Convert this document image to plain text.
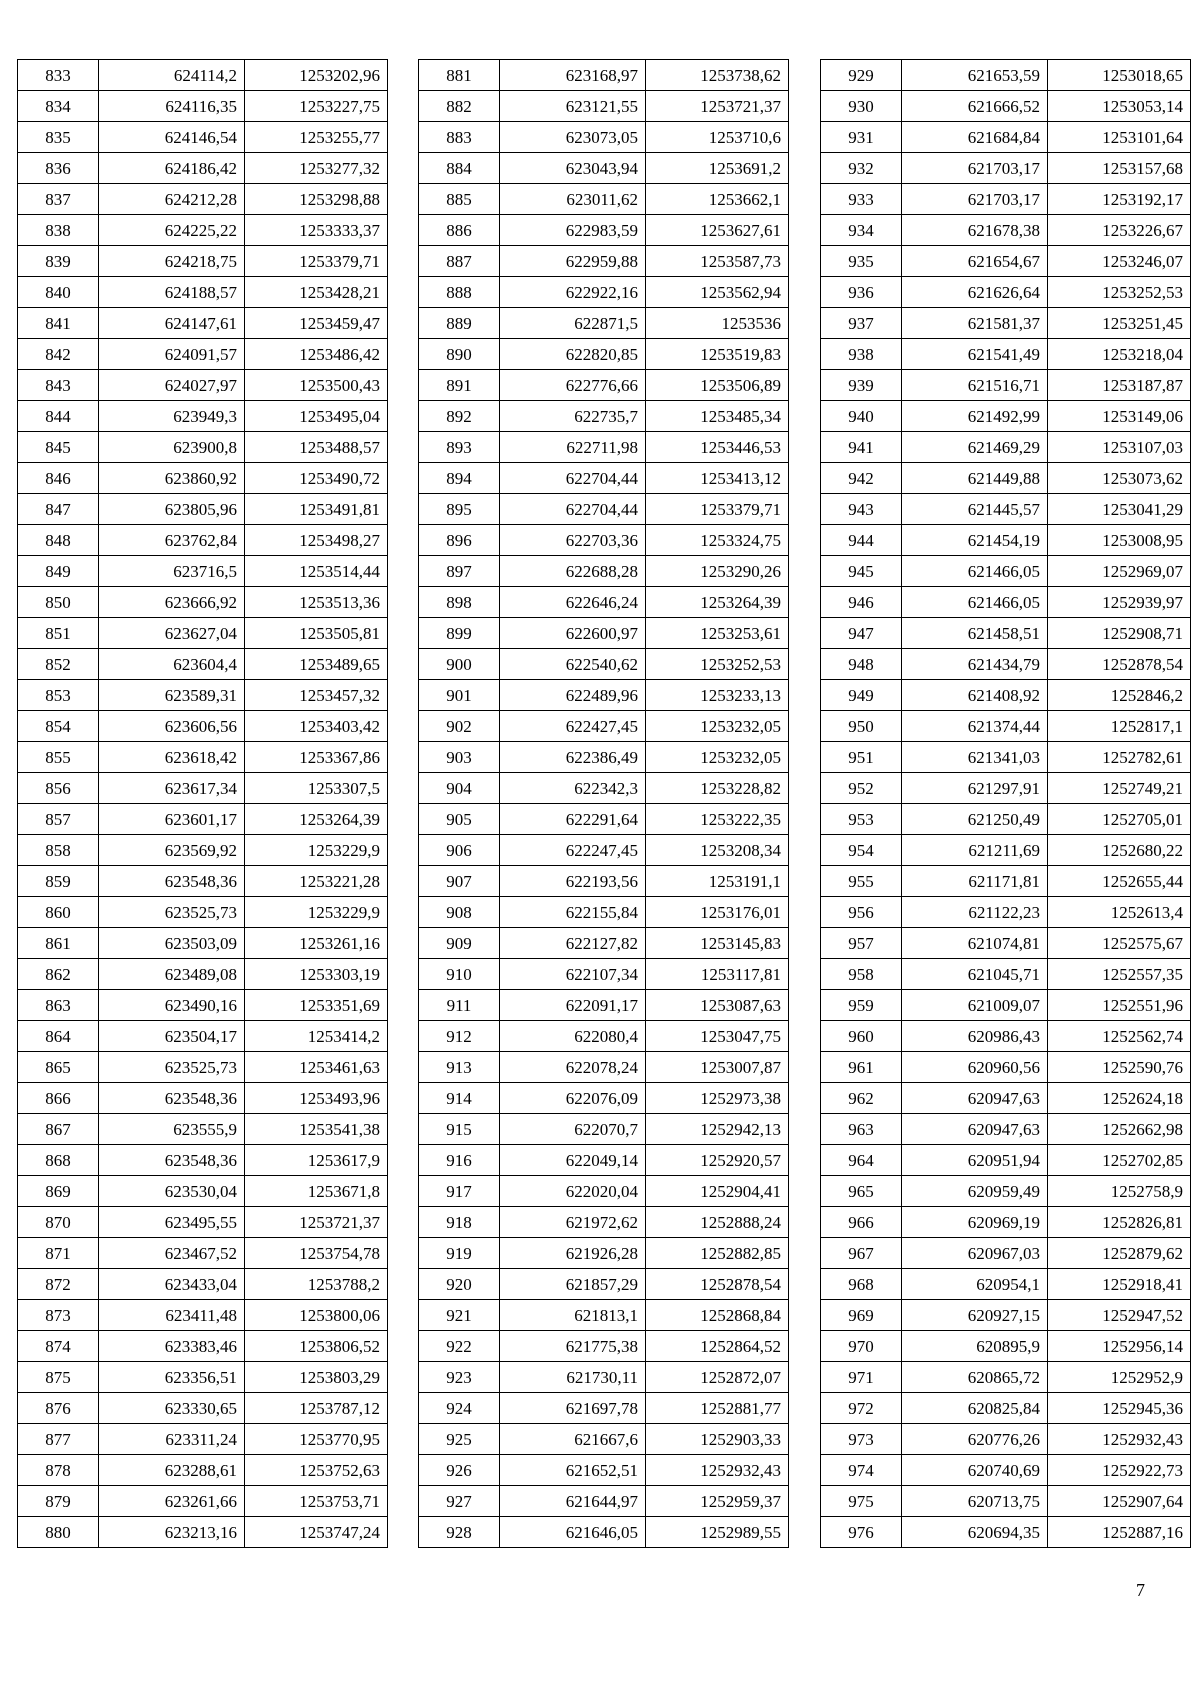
833	624114,2	1253202,96
834	624116,35	1253227,75
835	624146,54	1253255,77
836	624186,42	1253277,32
837	624212,28	1253298,88
838	624225,22	1253333,37
839	624218,75	1253379,71
840	624188,57	1253428,21
841	624147,61	1253459,47
842	624091,57	1253486,42
843	624027,97	1253500,43
844	623949,3	1253495,04
845	623900,8	1253488,57
846	623860,92	1253490,72
847	623805,96	1253491,81
848	623762,84	1253498,27
849	623716,5	1253514,44
850	623666,92	1253513,36
851	623627,04	1253505,81
852	623604,4	1253489,65
853	623589,31	1253457,32
854	623606,56	1253403,42
855	623618,42	1253367,86
856	623617,34	1253307,5
857	623601,17	1253264,39
858	623569,92	1253229,9
859	623548,36	1253221,28
860	623525,73	1253229,9
861	623503,09	1253261,16
862	623489,08	1253303,19
863	623490,16	1253351,69
864	623504,17	1253414,2
865	623525,73	1253461,63
866	623548,36	1253493,96
867	623555,9	1253541,38
868	623548,36	1253617,9
869	623530,04	1253671,8
870	623495,55	1253721,37
871	623467,52	1253754,78
872	623433,04	1253788,2
873	623411,48	1253800,06
874	623383,46	1253806,52
875	623356,51	1253803,29
876	623330,65	1253787,12
877	623311,24	1253770,95
878	623288,61	1253752,63
879	623261,66	1253753,71
880	623213,16	1253747,24
881	623168,97	1253738,62
882	623121,55	1253721,37
883	623073,05	1253710,6
884	623043,94	1253691,2
885	623011,62	1253662,1
886	622983,59	1253627,61
887	622959,88	1253587,73
888	622922,16	1253562,94
889	622871,5	1253536
890	622820,85	1253519,83
891	622776,66	1253506,89
892	622735,7	1253485,34
893	622711,98	1253446,53
894	622704,44	1253413,12
895	622704,44	1253379,71
896	622703,36	1253324,75
897	622688,28	1253290,26
898	622646,24	1253264,39
899	622600,97	1253253,61
900	622540,62	1253252,53
901	622489,96	1253233,13
902	622427,45	1253232,05
903	622386,49	1253232,05
904	622342,3	1253228,82
905	622291,64	1253222,35
906	622247,45	1253208,34
907	622193,56	1253191,1
908	622155,84	1253176,01
909	622127,82	1253145,83
910	622107,34	1253117,81
911	622091,17	1253087,63
912	622080,4	1253047,75
913	622078,24	1253007,87
914	622076,09	1252973,38
915	622070,7	1252942,13
916	622049,14	1252920,57
917	622020,04	1252904,41
918	621972,62	1252888,24
919	621926,28	1252882,85
920	621857,29	1252878,54
921	621813,1	1252868,84
922	621775,38	1252864,52
923	621730,11	1252872,07
924	621697,78	1252881,77
925	621667,6	1252903,33
926	621652,51	1252932,43
927	621644,97	1252959,37
928	621646,05	1252989,55
929	621653,59	1253018,65
930	621666,52	1253053,14
931	621684,84	1253101,64
932	621703,17	1253157,68
933	621703,17	1253192,17
934	621678,38	1253226,67
935	621654,67	1253246,07
936	621626,64	1253252,53
937	621581,37	1253251,45
938	621541,49	1253218,04
939	621516,71	1253187,87
940	621492,99	1253149,06
941	621469,29	1253107,03
942	621449,88	1253073,62
943	621445,57	1253041,29
944	621454,19	1253008,95
945	621466,05	1252969,07
946	621466,05	1252939,97
947	621458,51	1252908,71
948	621434,79	1252878,54
949	621408,92	1252846,2
950	621374,44	1252817,1
951	621341,03	1252782,61
952	621297,91	1252749,21
953	621250,49	1252705,01
954	621211,69	1252680,22
955	621171,81	1252655,44
956	621122,23	1252613,4
957	621074,81	1252575,67
958	621045,71	1252557,35
959	621009,07	1252551,96
960	620986,43	1252562,74
961	620960,56	1252590,76
962	620947,63	1252624,18
963	620947,63	1252662,98
964	620951,94	1252702,85
965	620959,49	1252758,9
966	620969,19	1252826,81
967	620967,03	1252879,62
968	620954,1	1252918,41
969	620927,15	1252947,52
970	620895,9	1252956,14
971	620865,72	1252952,9
972	620825,84	1252945,36
973	620776,26	1252932,43
974	620740,69	1252922,73
975	620713,75	1252907,64
976	620694,35	1252887,16
7
